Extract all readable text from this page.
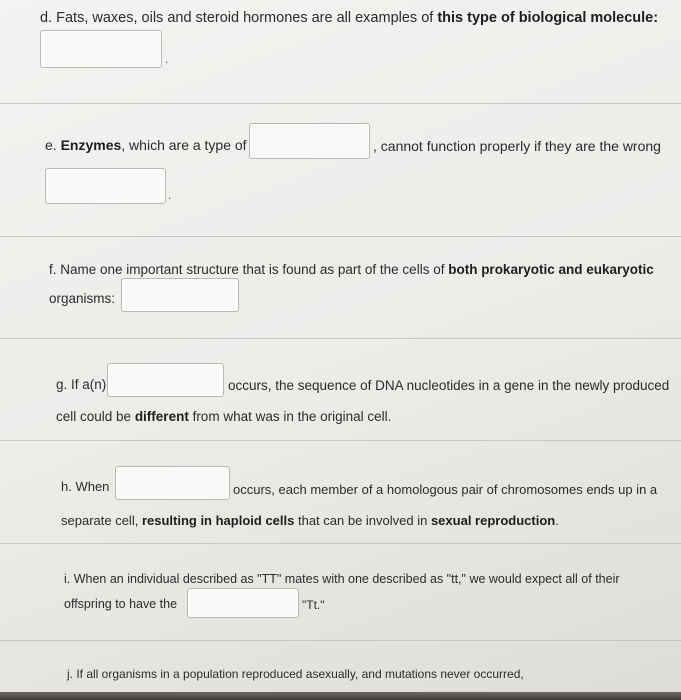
d. Fats, waxes, oils and steroid hormones are all examples of this type of biological molecule:
.
e. Enzymes, which are a type of	, cannot function properly if they are the wrong
.
f. Name one important structure that is found as part of the cells of both prokaryotic and eukaryotic
organisms:
g. If a(n)	occurs, the sequence of DNA nucleotides in a gene in the newly produced
cell could be different from what was in the original cell.
h. When	occurs, each member of a homologous pair of chromosomes ends up in a
separate cell, resulting in haploid cells that can be involved in sexual reproduction.
i. When an individual described as "TT" mates with one described as "tt," we would expect all of their
offspring to have the	"Tt."
j. If all organisms in a population reproduced asexually, and mutations never occurred,
